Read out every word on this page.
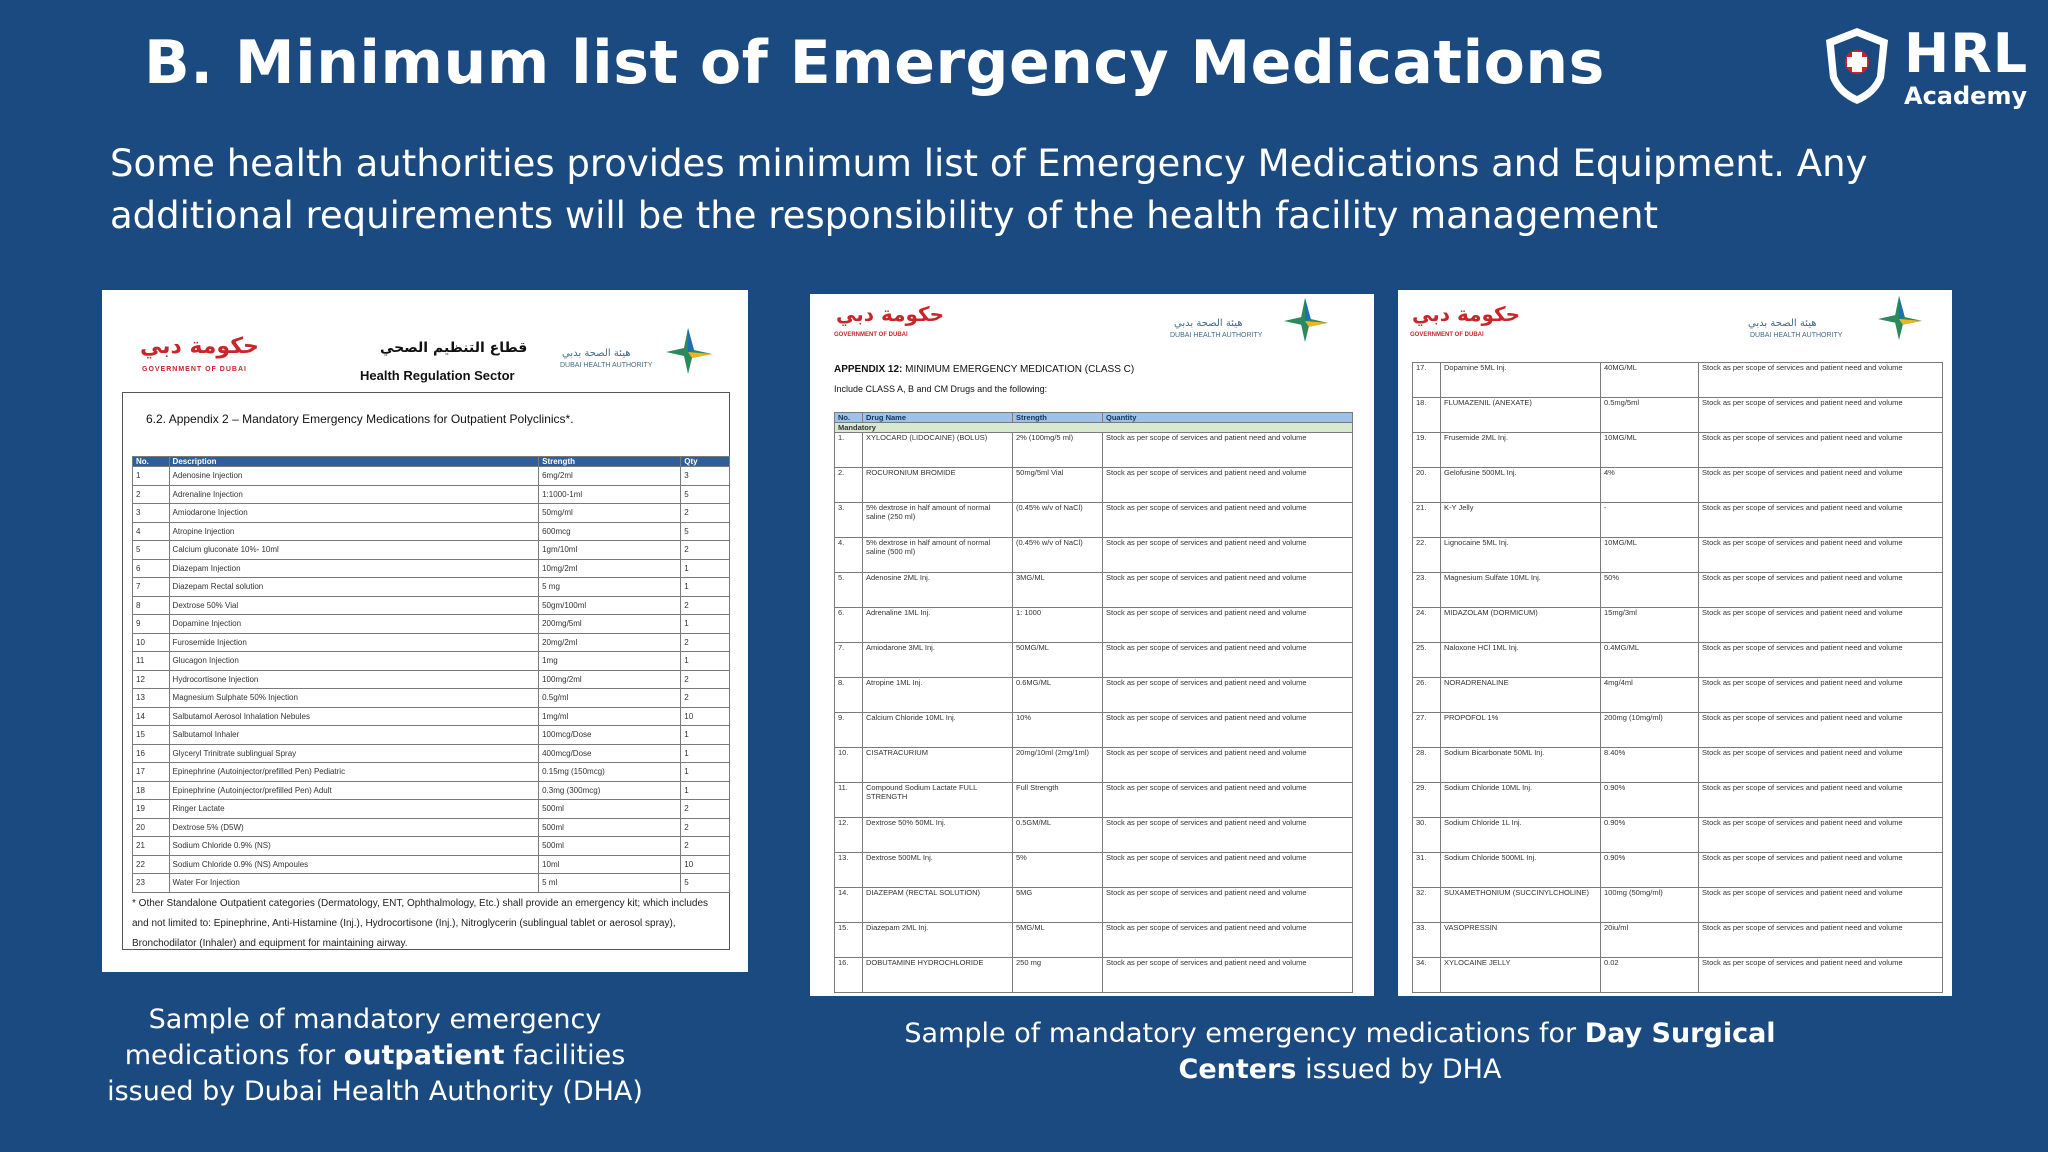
B. Minimum list of Emergency Medications	HRL
Academy
Some health authorities provides minimum list of Emergency Medications and Equipment. Any additional requirements will be the responsibility of the health facility management
حكومة دبي
GOVERNMENT OF DUBAI
قطاع التنظيم الصحي
Health Regulation Sector
هيئة الصحة بدبي
DUBAI HEALTH AUTHORITY
6.2. Appendix 2 – Mandatory Emergency Medications for Outpatient Polyclinics*.
No.	Description	Strength	Qty
1	Adenosine Injection	6mg/2ml	3
2	Adrenaline Injection	1:1000-1ml	5
3	Amiodarone Injection	50mg/ml	2
4	Atropine Injection	600mcg	5
5	Calcium gluconate 10%- 10ml	1gm/10ml	2
6	Diazepam Injection	10mg/2ml	1
7	Diazepam Rectal solution	5 mg	1
8	Dextrose 50% Vial	50gm/100ml	2
9	Dopamine Injection	200mg/5ml	1
10	Furosemide Injection	20mg/2ml	2
11	Glucagon Injection	1mg	1
12	Hydrocortisone Injection	100mg/2ml	2
13	Magnesium Sulphate 50% Injection	0.5g/ml	2
14	Salbutamol Aerosol Inhalation Nebules	1mg/ml	10
15	Salbutamol Inhaler	100mcg/Dose	1
16	Glyceryl Trinitrate sublingual Spray	400mcg/Dose	1
17	Epinephrine (Autoinjector/prefilled Pen) Pediatric	0.15mg (150mcg)	1
18	Epinephrine (Autoinjector/prefilled Pen) Adult	0.3mg (300mcg)	1
19	Ringer Lactate	500ml	2
20	Dextrose 5% (D5W)	500ml	2
21	Sodium Chloride 0.9% (NS)	500ml	2
22	Sodium Chloride 0.9% (NS) Ampoules	10ml	10
23	Water For Injection	5 ml	5
* Other Standalone Outpatient categories (Dermatology, ENT, Ophthalmology, Etc.) shall provide an emergency kit; which includes and not limited to: Epinephrine, Anti-Histamine (Inj.), Hydrocortisone (Inj.), Nitroglycerin (sublingual tablet or aerosol spray), Bronchodilator (Inhaler) and equipment for maintaining airway.
حكومة دبي
GOVERNMENT OF DUBAI
هيئة الصحة بدبي
DUBAI HEALTH AUTHORITY
APPENDIX 12: MINIMUM EMERGENCY MEDICATION (CLASS C)
Include CLASS A, B and CM Drugs and the following:
No.	Drug Name	Strength	Quantity
Mandatory			
1.	XYLOCARD (LIDOCAINE) (BOLUS)	2% (100mg/5 ml)	Stock as per scope of services and patient need and volume
2.	ROCURONIUM BROMIDE	50mg/5ml Vial	Stock as per scope of services and patient need and volume
3.	5% dextrose in half amount of normal saline (250 ml)	(0.45% w/v of NaCl)	Stock as per scope of services and patient need and volume
4.	5% dextrose in half amount of normal saline (500 ml)	(0.45% w/v of NaCl)	Stock as per scope of services and patient need and volume
5.	Adenosine 2ML Inj.	3MG/ML	Stock as per scope of services and patient need and volume
6.	Adrenaline 1ML Inj.	1: 1000	Stock as per scope of services and patient need and volume
7.	Amiodarone 3ML Inj.	50MG/ML	Stock as per scope of services and patient need and volume
8.	Atropine 1ML Inj.	0.6MG/ML	Stock as per scope of services and patient need and volume
9.	Calcium Chloride 10ML Inj.	10%	Stock as per scope of services and patient need and volume
10.	CISATRACURIUM	20mg/10ml (2mg/1ml)	Stock as per scope of services and patient need and volume
11.	Compound Sodium Lactate FULL STRENGTH	Full Strength	Stock as per scope of services and patient need and volume
12.	Dextrose 50% 50ML Inj.	0.5GM/ML	Stock as per scope of services and patient need and volume
13.	Dextrose 500ML Inj.	5%	Stock as per scope of services and patient need and volume
14.	DIAZEPAM (RECTAL SOLUTION)	5MG	Stock as per scope of services and patient need and volume
15.	Diazepam 2ML Inj.	5MG/ML	Stock as per scope of services and patient need and volume
16.	DOBUTAMINE HYDROCHLORIDE	250 mg	Stock as per scope of services and patient need and volume
حكومة دبي
GOVERNMENT OF DUBAI
هيئة الصحة بدبي
DUBAI HEALTH AUTHORITY
17.	Dopamine 5ML Inj.	40MG/ML	Stock as per scope of services and patient need and volume
18.	FLUMAZENIL (ANEXATE)	0.5mg/5ml	Stock as per scope of services and patient need and volume
19.	Frusemide 2ML Inj.	10MG/ML	Stock as per scope of services and patient need and volume
20.	Gelofusine 500ML Inj.	4%	Stock as per scope of services and patient need and volume
21.	K-Y Jelly	-	Stock as per scope of services and patient need and volume
22.	Lignocaine 5ML Inj.	10MG/ML	Stock as per scope of services and patient need and volume
23.	Magnesium Sulfate 10ML Inj.	50%	Stock as per scope of services and patient need and volume
24.	MIDAZOLAM (DORMICUM)	15mg/3ml	Stock as per scope of services and patient need and volume
25.	Naloxone HCl 1ML Inj.	0.4MG/ML	Stock as per scope of services and patient need and volume
26.	NORADRENALINE	4mg/4ml	Stock as per scope of services and patient need and volume
27.	PROPOFOL 1%	200mg (10mg/ml)	Stock as per scope of services and patient need and volume
28.	Sodium Bicarbonate 50ML Inj.	8.40%	Stock as per scope of services and patient need and volume
29.	Sodium Chloride 10ML Inj.	0.90%	Stock as per scope of services and patient need and volume
30.	Sodium Chloride 1L Inj.	0.90%	Stock as per scope of services and patient need and volume
31.	Sodium Chloride 500ML Inj.	0.90%	Stock as per scope of services and patient need and volume
32.	SUXAMETHONIUM (SUCCINYLCHOLINE)	100mg (50mg/ml)	Stock as per scope of services and patient need and volume
33.	VASOPRESSIN	20iu/ml	Stock as per scope of services and patient need and volume
34.	XYLOCAINE JELLY	0.02	Stock as per scope of services and patient need and volume
Sample of mandatory emergency medications for outpatient facilities issued by Dubai Health Authority (DHA)
Sample of mandatory emergency medications for Day Surgical Centers issued by DHA
